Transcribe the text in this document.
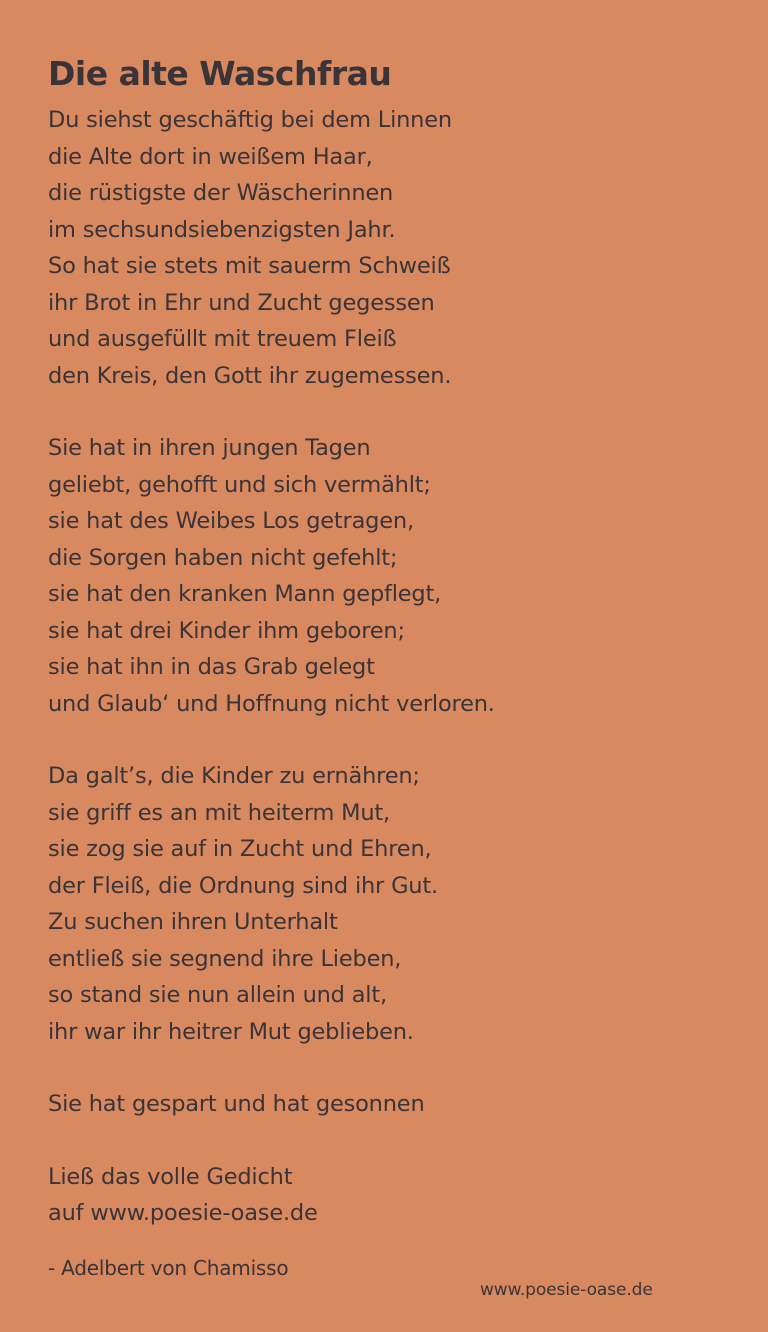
Die alte Waschfrau
Du siehst geschäftig bei dem Linnen
die Alte dort in weißem Haar,
die rüstigste der Wäscherinnen
im sechsundsiebenzigsten Jahr.
So hat sie stets mit sauerm Schweiß
ihr Brot in Ehr und Zucht gegessen
und ausgefüllt mit treuem Fleiß
den Kreis, den Gott ihr zugemessen.
Sie hat in ihren jungen Tagen
geliebt, gehofft und sich vermählt;
sie hat des Weibes Los getragen,
die Sorgen haben nicht gefehlt;
sie hat den kranken Mann gepflegt,
sie hat drei Kinder ihm geboren;
sie hat ihn in das Grab gelegt
und Glaub‘ und Hoffnung nicht verloren.
Da galt’s, die Kinder zu ernähren;
sie griff es an mit heiterm Mut,
sie zog sie auf in Zucht und Ehren,
der Fleiß, die Ordnung sind ihr Gut.
Zu suchen ihren Unterhalt
entließ sie segnend ihre Lieben,
so stand sie nun allein und alt,
ihr war ihr heitrer Mut geblieben.
Sie hat gespart und hat gesonnen
Ließ das volle Gedicht
auf www.poesie-oase.de
- Adelbert von Chamisso
www.poesie-oase.de
